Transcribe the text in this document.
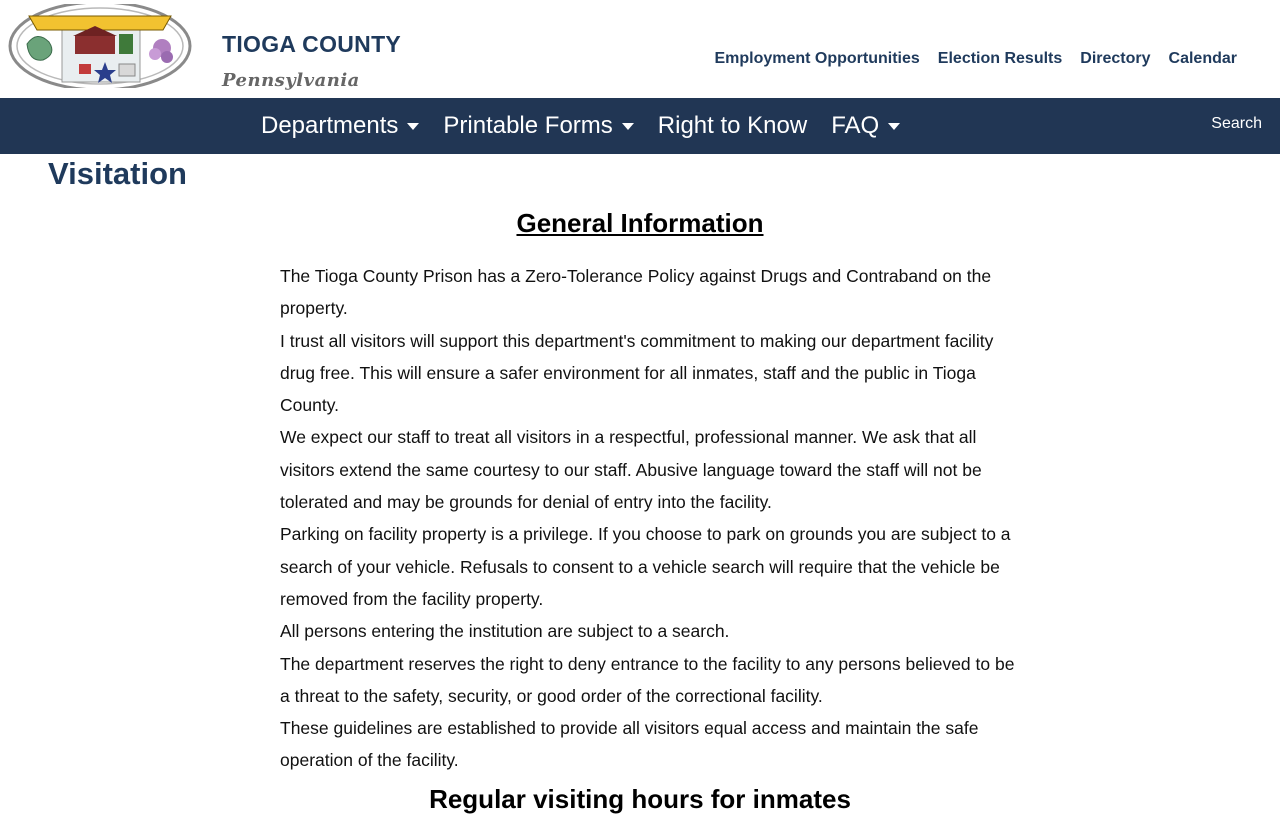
TIOGA COUNTY
Pennsylvania
Employment Opportunities Election Results Directory Calendar
Departments Printable Forms Right to Know FAQ	Search
Visitation
General Information

The Tioga County Prison has a Zero-Tolerance Policy against Drugs and Contraband on the property.

I trust all visitors will support this department's commitment to making our department facility drug free. This will ensure a safer environment for all inmates, staff and the public in Tioga County.

We expect our staff to treat all visitors in a respectful, professional manner. We ask that all visitors extend the same courtesy to our staff. Abusive language toward the staff will not be tolerated and may be grounds for denial of entry into the facility.

Parking on facility property is a privilege. If you choose to park on grounds you are subject to a search of your vehicle. Refusals to consent to a vehicle search will require that the vehicle be removed from the facility property.

All persons entering the institution are subject to a search.

The department reserves the right to deny entrance to the facility to any persons believed to be a threat to the safety, security, or good order of the correctional facility.

These guidelines are established to provide all visitors equal access and maintain the safe operation of the facility.

Regular visiting hours for inmates
